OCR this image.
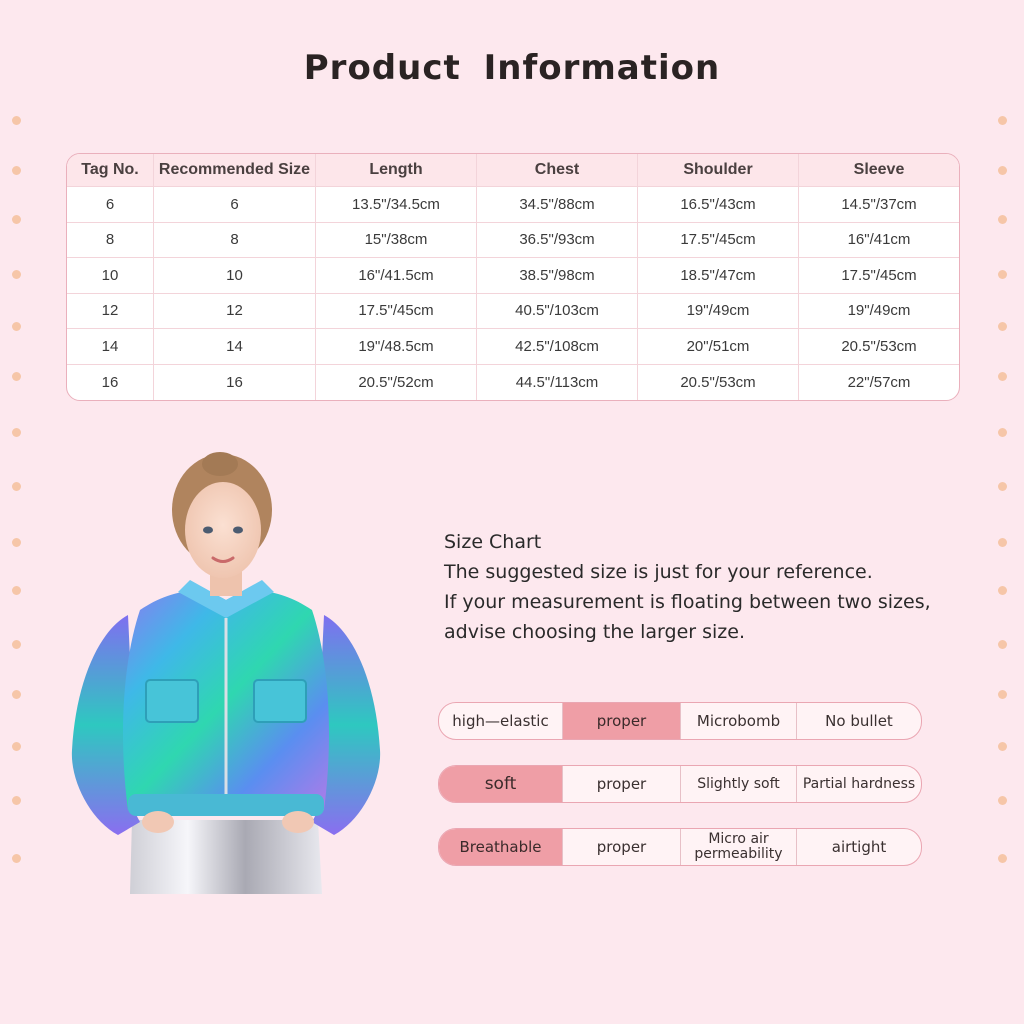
Product Information
Tag No.	Recommended Size	Length	Chest	Shoulder	Sleeve
6	6	13.5"/34.5cm	34.5"/88cm	16.5"/43cm	14.5"/37cm
8	8	15"/38cm	36.5"/93cm	17.5"/45cm	16"/41cm
10	10	16"/41.5cm	38.5"/98cm	18.5"/47cm	17.5"/45cm
12	12	17.5"/45cm	40.5"/103cm	19"/49cm	19"/49cm
14	14	19"/48.5cm	42.5"/108cm	20"/51cm	20.5"/53cm
16	16	20.5"/52cm	44.5"/113cm	20.5"/53cm	22"/57cm
Size Chart
The suggested size is just for your reference.
If your measurement is floating between two sizes,
advise choosing the larger size.
high—elastic	proper	Microbomb	No bullet
soft	proper	Slightly soft	Partial hardness
Breathable	proper	Micro air permeability	airtight
